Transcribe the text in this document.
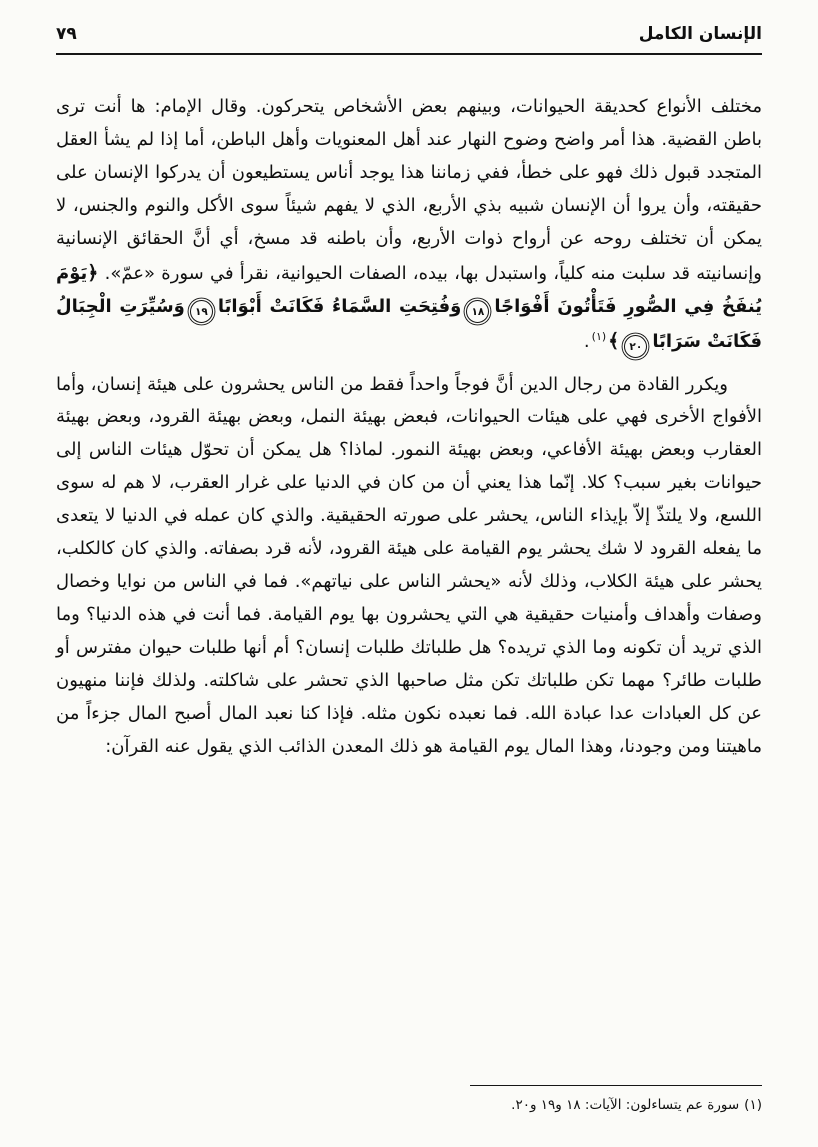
الإنسان الكامل
٧٩

مختلف الأنواع كحديقة الحيوانات، وبينهم بعض الأشخاص يتحركون. وقال الإمام: ها أنت ترى باطن القضية. هذا أمر واضح وضوح النهار عند أهل المعنويات وأهل الباطن، أما إذا لم يشأ العقل المتجدد قبول ذلك فهو على خطأ، ففي زماننا هذا يوجد أناس يستطيعون أن يدركوا الإنسان على حقيقته، وأن يروا أن الإنسان شبيه بذي الأربع، الذي لا يفهم شيئاً سوى الأكل والنوم والجنس، لا يمكن أن تختلف روحه عن أرواح ذوات الأربع، وأن باطنه قد مسخ، أي أنَّ الحقائق الإنسانية وإنسانيته قد سلبت منه كلياً، واستبدل بها، بيده، الصفات الحيوانية، نقرأ في سورة «عمّ». ﴿يَوْمَ يُنفَخُ فِي الصُّورِ فَتَأْتُونَ أَفْوَاجًا١٨وَفُتِحَتِ السَّمَاءُ فَكَانَتْ أَبْوَابًا١٩وَسُيِّرَتِ الْجِبَالُ فَكَانَتْ سَرَابًا٢٠﴾$^{(١)}$.

ويكرر القادة من رجال الدين أنَّ فوجاً واحداً فقط من الناس يحشرون على هيئة إنسان، وأما الأفواج الأخرى فهي على هيئات الحيوانات، فبعض بهيئة النمل، وبعض بهيئة القرود، وبعض بهيئة العقارب وبعض بهيئة الأفاعي، وبعض بهيئة النمور. لماذا؟ هل يمكن أن تحوّل هيئات الناس إلى حيوانات بغير سبب؟ كلا. إنّما هذا يعني أن من كان في الدنيا على غرار العقرب، لا هم له سوى اللسع، ولا يلتذّ إلاّ بإيذاء الناس، يحشر على صورته الحقيقية. والذي كان عمله في الدنيا لا يتعدى ما يفعله القرود لا شك يحشر يوم القيامة على هيئة القرود، لأنه قرد بصفاته. والذي كان كالكلب، يحشر على هيئة الكلاب، وذلك لأنه «يحشر الناس على نياتهم». فما في الناس من نوايا وخصال وصفات وأهداف وأمنيات حقيقية هي التي يحشرون بها يوم القيامة. فما أنت في هذه الدنيا؟ وما الذي تريد أن تكونه وما الذي تريده؟ هل طلباتك طلبات إنسان؟ أم أنها طلبات حيوان مفترس أو طلبات طائر؟ مهما تكن طلباتك تكن مثل صاحبها الذي تحشر على شاكلته. ولذلك فإننا منهيون عن كل العبادات عدا عبادة الله. فما نعبده نكون مثله. فإذا كنا نعبد المال أصبح المال جزءاً من ماهيتنا ومن وجودنا، وهذا المال يوم القيامة هو ذلك المعدن الذائب الذي يقول عنه القرآن:

(١)سورة عم يتساءلون: الآيات: ١٨ و١٩ و٢٠.
